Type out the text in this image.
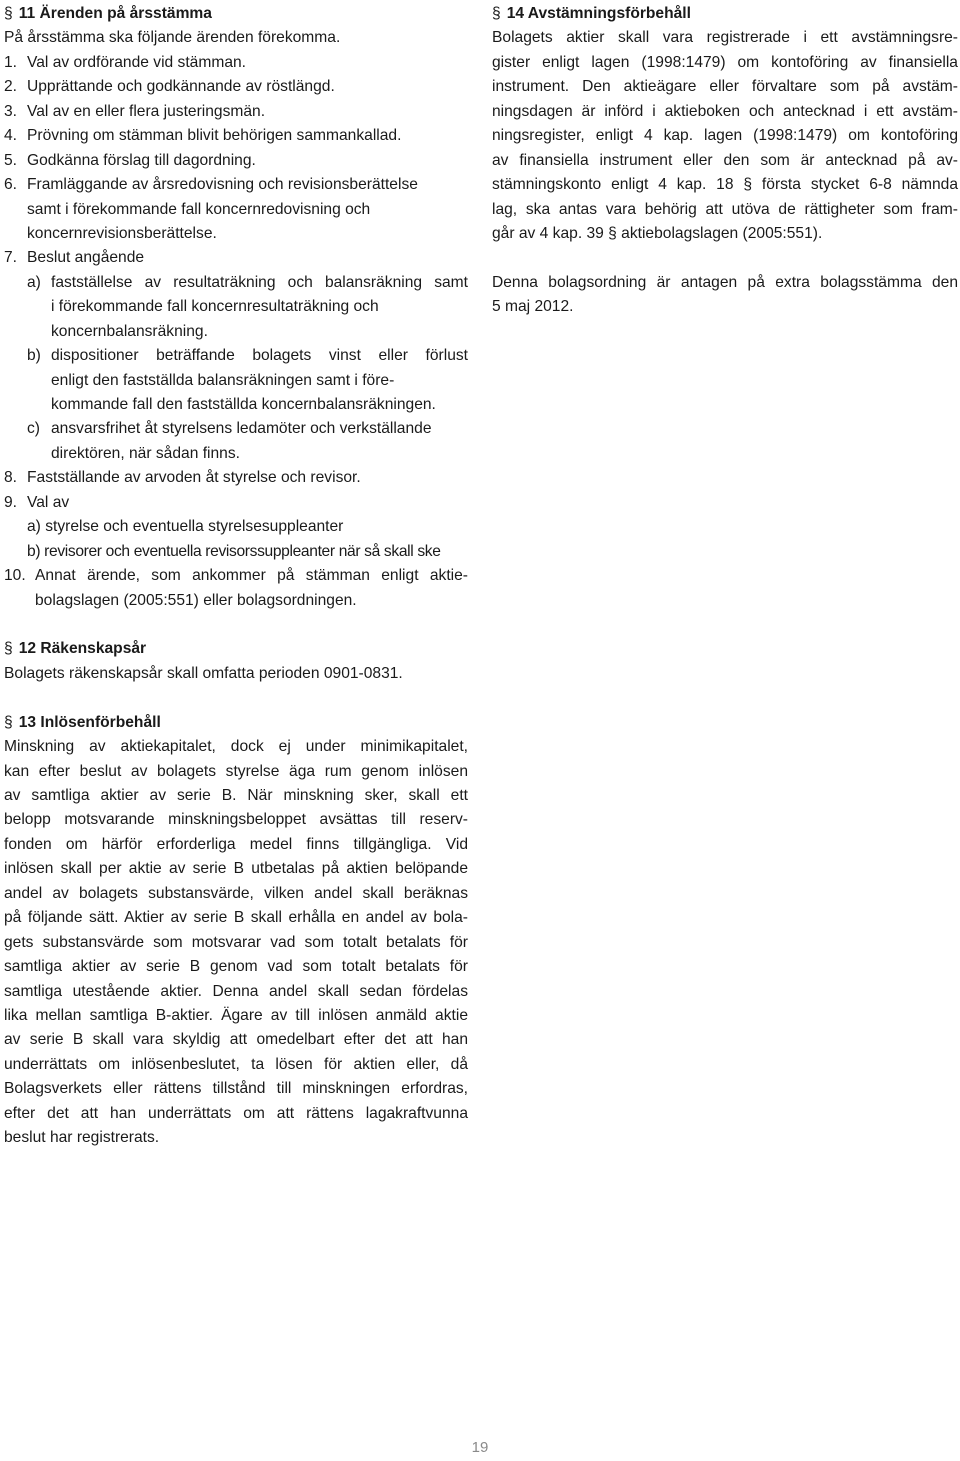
§ 11 Ärenden på årsstämma
På årsstämma ska följande ärenden förekomma.
1. Val av ordförande vid stämman.
2. Upprättande och godkännande av röstlängd.
3. Val av en eller flera justeringsmän.
4. Prövning om stämman blivit behörigen sammankallad.
5. Godkänna förslag till dagordning.
6. Framläggande av årsredovisning och revisionsberättelse
samt i förekommande fall koncernredovisning och
koncernrevisionsberättelse.
7. Beslut angående
a) fastställelse av resultaträkning och balansräkning samt
i förekommande fall koncernresultaträkning och
koncernbalansräkning.
b) dispositioner beträffande bolagets vinst eller förlust
enligt den fastställda balansräkningen samt i före-
kommande fall den fastställda koncernbalansräkningen.
c) ansvarsfrihet åt styrelsens ledamöter och verkställande
direktören, när sådan finns.
8. Fastställande av arvoden åt styrelse och revisor.
9. Val av
a) styrelse och eventuella styrelsesuppleanter
b) revisorer och eventuella revisorssuppleanter när så skall ske
10. Annat ärende, som ankommer på stämman enligt aktie-
bolagslagen (2005:551) eller bolagsordningen.
§ 12 Räkenskapsår
Bolagets räkenskapsår skall omfatta perioden 0901-0831.
§ 13 Inlösenförbehåll
Minskning av aktiekapitalet, dock ej under minimikapitalet,
kan efter beslut av bolagets styrelse äga rum genom inlösen
av samtliga aktier av serie B. När minskning sker, skall ett
belopp motsvarande minskningsbeloppet avsättas till reserv-
fonden om härför erforderliga medel finns tillgängliga. Vid
inlösen skall per aktie av serie B utbetalas på aktien belöpande
andel av bolagets substansvärde, vilken andel skall beräknas
på följande sätt. Aktier av serie B skall erhålla en andel av bola-
gets substansvärde som motsvarar vad som totalt betalats för
samtliga aktier av serie B genom vad som totalt betalats för
samtliga utestående aktier. Denna andel skall sedan fördelas
lika mellan samtliga B-aktier. Ägare av till inlösen anmäld aktie
av serie B skall vara skyldig att omedelbart efter det att han
underrättats om inlösenbeslutet, ta lösen för aktien eller, då
Bolagsverkets eller rättens tillstånd till minskningen erfordras,
efter det att han underrättats om att rättens lagakraftvunna
beslut har registrerats.
§ 14 Avstämningsförbehåll
Bolagets aktier skall vara registrerade i ett avstämningsre-
gister enligt lagen (1998:1479) om kontoföring av finansiella
instrument. Den aktieägare eller förvaltare som på avstäm-
ningsdagen är införd i aktieboken och antecknad i ett avstäm-
ningsregister, enligt 4 kap. lagen (1998:1479) om kontoföring
av finansiella instrument eller den som är antecknad på av-
stämningskonto enligt 4 kap. 18 § första stycket 6-8 nämnda
lag, ska antas vara behörig att utöva de rättigheter som fram-
går av 4 kap. 39 § aktiebolagslagen (2005:551).
Denna bolagsordning är antagen på extra bolagsstämma den
5 maj 2012.
19
